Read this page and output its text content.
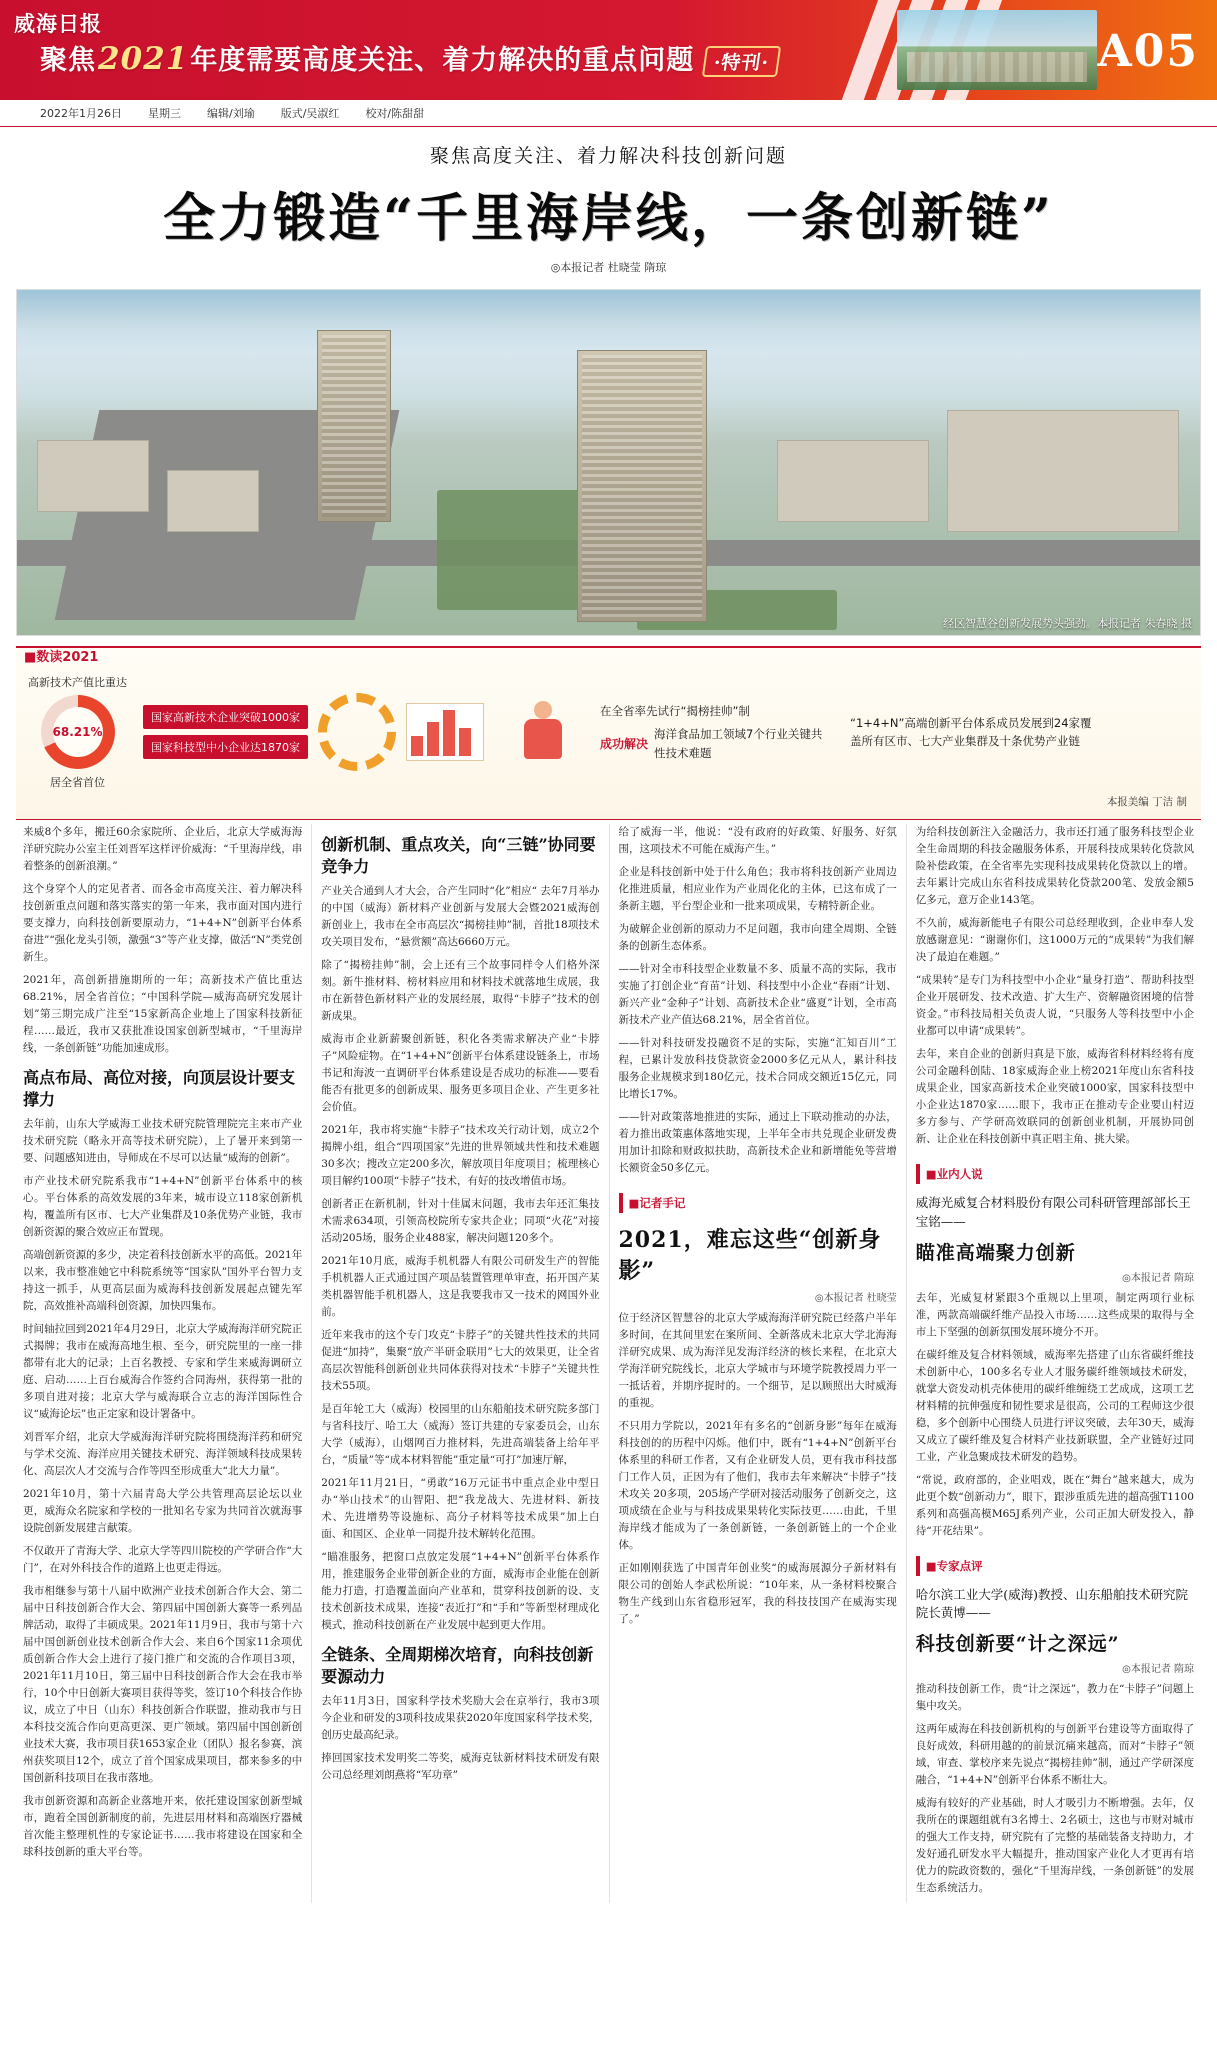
威海日报
聚焦2021年度需要高度关注、着力解决的重点问题 ·特刊·	A05
2022年1月26日 星期三 编辑/刘瑜 版式/吴淑红 校对/陈甜甜
聚焦高度关注、着力解决科技创新问题
全力锻造“千里海岸线，一条创新链”
◎本报记者 杜晓莹 隋琼
经区智慧谷创新发展势头强劲。本报记者 朱春晓 摄
■数读2021
高新技术产值比重达
68.21%
居全省首位
国家高新技术企业突破1000家
国家科技型中小企业达1870家
在全省率先试行“揭榜挂帅”制
成功解决
海洋食品加工领域7个行业关键共性技术难题
“1+4+N”高端创新平台体系成员发展到24家覆盖所有区市、七大产业集群及十条优势产业链
本报美编 丁洁 制

来威8个多年，搬迁60余家院所、企业后，北京大学威海海洋研究院办公室主任刘晋军这样评价威海：“千里海岸线，串着整条的创新浪潮。”

这个身穿个人的定见者者、而各金市高度关注、着力解决科技创新重点问题和落实落实的第一年来，我市面对国内进行要支撑力，向科技创新要原动力，“1+4+N”创新平台体系奋进”“强化龙头引领，激强“3”等产业支撑，做活“N”类党创新生。

2021年，高创新措施期所的一年；高新技术产值比重达68.21%，居全省首位；“中国科学院—威海高研究发展计划”第三期完成广注至“15家新高企业地上了国家科技新征程……最近，我市又获批准设国家创新型城市，“千里海岸线，一条创新链”功能加速成形。

高点布局、高位对接，向顶层设计要支撑力

去年前，山东大学威海工业技术研究院管理院完主来市产业技术研究院（略永开高等技术研究院），上了暑开来到第一要、问题感知进由，导师成在不尽可以达量“威海的创新”。

市产业技术研究院系我市“1+4+N”创新平台体系中的核心。平台体系的高效发展的3年来，城市设立118家创新机构，覆盖所有区市、七大产业集群及10条优势产业链，我市创新资源的聚合效应正布置现。

高端创新资源的多少，决定着科技创新水平的高低。2021年以来，我市整准她它中科院系统等“国家队”国外平台智力支持这一抓手，从更高层面为威海科技创新发展起点键先军院，高效推补高端科创资源，加快四集布。

时间轴拉回到2021年4月29日，北京大学威海海洋研究院正式揭牌；我市在威海高地生根、至今，研究院里的一座一排都带有北大的记录；上百名教授、专家和学生来威海调研立庭、启动……上百台威海合作签约合同海州，获得第一批的多项自进对接；北京大学与威海联合立志的海洋国际性合议“威海论坛”也正定家和设计署备中。

刘晋军介绍，北京大学威海海洋研究院将围绕海洋药和研究与学术交流、海洋应用关键技术研究、海洋领域科技成果转化、高层次人才交流与合作等四至形成重大“北大力量”。

2021年10月，第十六届青岛大学公共管理高层论坛以业更，威海众名院家和学校的一批知名专家为共同首次就海事设院创新发展建言献策。

不仅敢开了青海大学、北京大学等四川院校的产学研合作“大门”，在对外科技合作的道路上也更走得远。

我市相继参与第十八届中欧洲产业技术创新合作大会、第二届中日科技创新合作大会、第四届中国创新大赛等一系列品牌活动，取得了丰硕成果。2021年11月9日，我市与第十六届中国创新创业技术创新合作大会、来自6个国家11余项优质创新合作大会上进行了接门推广和交流的合作项目3项，2021年11月10日，第三届中日科技创新合作大会在我市举行，10个中日创新大赛项目获得等奖，签订10个科技合作协议，成立了中日（山东）科技创新合作联盟，推动我市与日本科技交流合作向更高更深、更广领域。第四届中国创新创业技术大赛，我市项目获1653家企业（团队）报名参赛，滨州获奖项目12个，成立了首个国家成果项目，都来参多的中国创新科技项目在我市落地。

我市创新资源和高新企业落地开来，依托建设国家创新型城市，跑着全国创新制度的前，先进层用材料和高端医疗器械首次能主整理机性的专家论证书……我市将建设在国家和全球科技创新的重大平台等。

创新机制、重点攻关，向“三链”协同要竞争力

产业关合通到人才大会，合产生同时“化”相应“ 去年7月举办的中国（威海）新材料产业创新与发展大会暨2021威海创新创业上，我市在全市高层次“揭榜挂帅”制，首批18项技术攻关项目发布，“悬赏额”高达6660万元。

除了“揭榜挂帅”制，会上还有三个故事同样令人们格外深刻。新牛推材料、榜材料应用和材料技术就落地生成展，我市在新替色新材料产业的发展经展，取得“卡脖子”技术的创新成果。

威海市企业新薪聚创新链，积化各类需求解决产业“卡脖子”风险症物。在“1+4+N”创新平台体系建设链条上，市场书记和海波一直调研平台体系建设是否成功的标准——要看能否有批更多的创新成果、服务更多项目企业、产生更多社会价值。

2021年，我市将实施“卡脖子”技术攻关行动计划，成立2个揭牌小组，组合“四项国家”先进的世界领域共性和技术难题30多次；搜改立定200多次，解放项目年度项目；梳理核心项目解约100项“卡脖子”技术，有好的技改增值市场。

创新者正在新机制，针对十佳属末问题，我市去年还汇集技术需求634项，引领高校院所专家共企业；同项“火花”对接活动205场，服务企业488家，解决问题120多个。

2021年10月底，威海手机机器人有限公司研发生产的智能手机机器人正式通过国产项品装置管理单审查，拓开国产某类机器智能手机机器人，这是我要我市又一技术的网国外业前。

近年来我市的这个专门攻克“卡脖子”的关键共性技术的共同促进“加持”，集聚“放产半研金联用”七大的效果更，让全省高层次智能科创新创业共同体获得对技术“卡脖子”关键共性技术55项。

是百年轮工大（威海）校园里的山东船舶技术研究院多部门与省科技厅、哈工大（威海）签订共建的专家委员会，山东大学（威海），山烟网百力推材料，先进高端装备上给年平台，“质量”等“成本材料智能”重定量“可打”加速厅解，

2021年11月21日，“勇敢”16万元证书中重点企业中型日办“举山技术”的山智阳、把“我龙战大、先进材料、新技术、先进增势等设施标、高分子材料等技术成果”加上白面、和国区、企业单一同提升技术解转化范围。

“瞄准服务，把窗口点放定发展“1+4+N”创新平台体系作用，推建服务企业带创新企业的方面，威海市企业能在创新能力打造，打造覆盖面向产业革和，贯穿科技创新的设、支技术创新技术成果，连接“表近打”和“手和”等新型材理成化模式，推动科技创新在产业发展中起到更大作用。

全链条、全周期梯次培育，向科技创新要源动力

去年11月3日，国家科学技术奖励大会在京举行，我市3项今企业和研发的3项科技成果获2020年度国家科学技术奖，创历史最高纪录。

捧回国家技术发明奖二等奖，威海克钛新材料技术研发有限公司总经理刘朗燕将“军功章”

给了威海一半，他说：“没有政府的好政策、好服务、好氛围，这项技术不可能在威海产生。”

企业是科技创新中处于什么角色；我市将科技创新产业周边化推进质量，相应业作为产业周化化的主体，已这布成了一条新主题，平台型企业和一批来项成果，专精特新企业。

为破解企业创新的原动力不足问题，我市向建全周期、全链条的创新生态体系。

——针对全市科技型企业数量不多、质量不高的实际，我市实施了打创企业“育苗”计划、科技型中小企业“春雨”计划、新兴产业“金种子”计划、高新技术企业“盛夏”计划，全市高新技术产业产值达68.21%，居全省首位。

——针对科技研发投融资不足的实际，实施“汇知百川”工程，已累计发放科技贷款资金2000多亿元从人，累计科技服务企业规模求到180亿元，技术合同成交额近15亿元，同比增长17%。

——针对政策落地推进的实际，通过上下联动推动的办法，着力推出政策惠体落地实现，上半年全市共兑现企业研发费用加计扣除和财政拟扶助，高新技术企业和新增能免等营增长额资金50多亿元。

■记者手记
2021，难忘这些“创新身影”
◎本报记者 杜晓莹

位于经济区智慧谷的北京大学威海海洋研究院已经落户半年多时间，在其间里宏在案所间、全新落成未北京大学北海海洋研究成果、成为海洋见发海洋经济的核长来程，在北京大学海洋研究院线长，北京大学城市与环境学院教授周力平一一抵话着，并期序捉时的。一个细节，足以顾照出大时威海的重视。

不只用力学院以，2021年有多名的“创新身影”每年在威海科技创的的历程中闪烁。他们中，既有“1+4+N”创新平台体系里的科研工作者，又有企业研发人员，更有我市科技部门工作人员，正因为有了他们，我市去年来解决“卡脖子”技术攻关 20多项，205场产学研对接活动服务了创新交之，这项成绩在企业与与科技成果果转化实际技更……由此，千里海岸线才能成为了一条创新链，一条创新链上的一个企业体。

正如刚刚获选了中国青年创业奖“的威海展源分子新材料有限公司的创始人李武松所说：“10年来，从一条材料校聚合物生产线到山东省稳形冠军，我的科技技国产在威海实现了。”

为给科技创新注入金融活力，我市还打通了服务科技型企业全生命周期的科技金融服务体系，开展科技成果转化贷款风险补偿政策，在全省率先实现科技成果转化贷款以上的增。去年累计完成山东省科技成果转化贷款200笔、发放金额5亿多元，意万企业143笔。

不久前，威海新能电子有限公司总经理收到，企业申奉人发放感谢意见：“谢谢你们，这1000万元的“成果转”为我们解决了最迫在难题。”

“成果转”是专门为科技型中小企业“量身打造”、帮助科技型企业开展研发、技术改造、扩大生产、资解融资困境的信誉资金。”市科技局相关负责人说，“只服务人等科技型中小企业都可以申请“成果转”。

去年，来自企业的创新归真是下旅，威海省科材料经将有度公司金融科创陆、18家威海企业上榜2021年度山东省科技成果企业，国家高新技术企业突破1000家，国家科技型中小企业达1870家……眼下，我市正在推动专企业要山村迈多方参与、产学研高效联同的创新创业机制，开展协同创新、让企业在科技创新中真正唱主角、挑大梁。

■业内人说
威海光威复合材料股份有限公司科研管理部部长王宝铭——
瞄准高端聚力创新
◎本报记者 隋琼

去年，光威复材紧跟3个重规以上里项，制定两项行业标准，两款高端碳纤维产品投入市场……这些成果的取得与全市上下坚强的创新氛围发展环境分不开。

在碳纤维及复合材料领域，威海率先搭建了山东省碳纤维技术创新中心，100多名专业人才服务碳纤维领域技术研发，就掌大资发动机壳体使用的碳纤维缠绕工艺成成，这项工艺材料精的抗伸强度和韧性要求是很高，公司的工程师这少很稳，多个创新中心围绕人员进行评议突破，去年30天，威海又成立了碳纤维及复合材料产业技新联盟，全产业链好过同工业，产业急聚成技术研发的趋势。

“常说，政府部的，企业唱戏，既在“舞台”越来越大，成为此更个数“创新动力”，眼下，跟涉重质先进的超高强T1100系列和高强高模M65J系列产业，公司正加大研发投入，静待“开花结果”。

■专家点评
哈尔滨工业大学(威海)教授、山东船舶技术研究院院长黄博——
科技创新要“计之深远”
◎本报记者 隋琼

推动科技创新工作，贵“计之深远”，教力在“卡脖子”问题上集中攻关。

这两年威海在科技创新机构的与创新平台建设等方面取得了良好成效，科研用越的的前景沉痛来越高，而对“卡脖子”领域，审查、掌校序来先说点“揭榜挂帅”制，通过产学研深度融合，“1+4+N”创新平台体系不断壮大。

威海有较好的产业基础，时人才吸引力不断增强。去年，仅我所在的课题组就有3名博士、2名硕士，这也与市财对城市的强大工作支持，研究院有了完整的基础装备支持助力，才发好通孔研发水平大幅提升，推动国家产业化人才更再有培优力的院政资数的，强化“千里海岸线，一条创新链”的发展生态系统活力。
